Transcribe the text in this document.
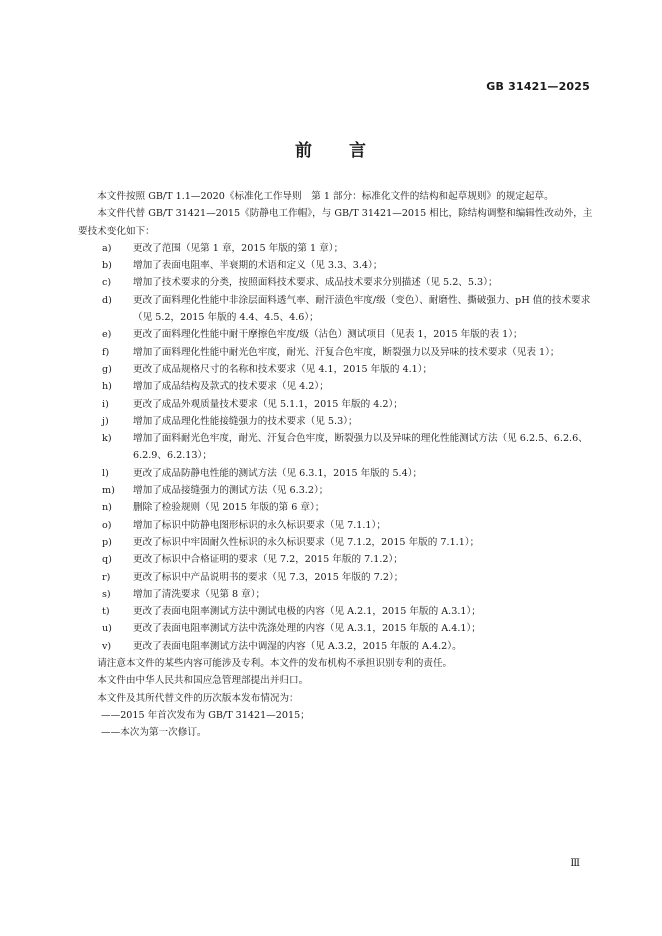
GB 31421—2025
前　　言

本文件按照 GB/T 1.1—2020《标准化工作导则　第 1 部分：标准化文件的结构和起草规则》的规定起草。

本文件代替 GB/T 31421—2015《防静电工作帽》，与 GB/T 31421—2015 相比，除结构调整和编辑性改动外，主要技术变化如下：

a)	更改了范围（见第 1 章，2015 年版的第 1 章）；
b)	增加了表面电阻率、半衰期的术语和定义（见 3.3、3.4）；
c)	增加了技术要求的分类，按照面料技术要求、成品技术要求分别描述（见 5.2、5.3）；
d)	更改了面料理化性能中非涂层面料透气率、耐汗渍色牢度/级（变色）、耐磨性、撕破强力、pH 值的技术要求（见 5.2，2015 年版的 4.4、4.5、4.6）；
e)	更改了面料理化性能中耐干摩擦色牢度/级（沾色）测试项目（见表 1，2015 年版的表 1）；
f)	增加了面料理化性能中耐光色牢度，耐光、汗复合色牢度，断裂强力以及异味的技术要求（见表 1）；
g)	更改了成品规格尺寸的名称和技术要求（见 4.1，2015 年版的 4.1）；
h)	增加了成品结构及款式的技术要求（见 4.2）；
i)	更改了成品外观质量技术要求（见 5.1.1，2015 年版的 4.2）；
j)	增加了成品理化性能接缝强力的技术要求（见 5.3）；
k)	增加了面料耐光色牢度，耐光、汗复合色牢度，断裂强力以及异味的理化性能测试方法（见 6.2.5、6.2.6、6.2.9、6.2.13）；
l)	更改了成品防静电性能的测试方法（见 6.3.1，2015 年版的 5.4）；
m)	增加了成品接缝强力的测试方法（见 6.3.2）；
n)	删除了检验规则（见 2015 年版的第 6 章）；
o)	增加了标识中防静电图形标识的永久标识要求（见 7.1.1）；
p)	更改了标识中牢固耐久性标识的永久标识要求（见 7.1.2，2015 年版的 7.1.1）；
q)	更改了标识中合格证明的要求（见 7.2，2015 年版的 7.1.2）；
r)	更改了标识中产品说明书的要求（见 7.3，2015 年版的 7.2）；
s)	增加了清洗要求（见第 8 章）；
t)	更改了表面电阻率测试方法中测试电极的内容（见 A.2.1，2015 年版的 A.3.1）；
u)	更改了表面电阻率测试方法中洗涤处理的内容（见 A.3.1，2015 年版的 A.4.1）；
v)	更改了表面电阻率测试方法中调湿的内容（见 A.3.2，2015 年版的 A.4.2）。

请注意本文件的某些内容可能涉及专利。本文件的发布机构不承担识别专利的责任。

本文件由中华人民共和国应急管理部提出并归口。

本文件及其所代替文件的历次版本发布情况为：

——2015 年首次发布为 GB/T 31421—2015；

——本次为第一次修订。

Ⅲ
